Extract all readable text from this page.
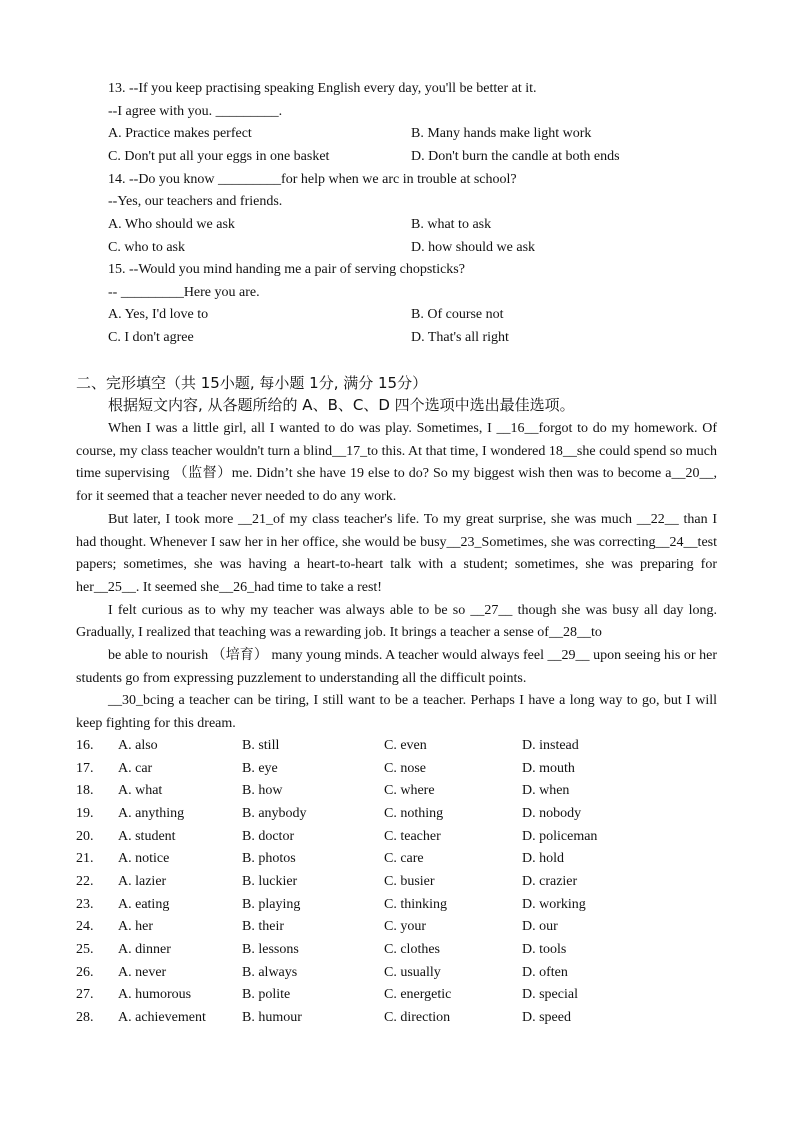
13. --If you keep practising speaking English every day, you'll be better at it.
--I agree with you. _________.
A. Practice makes perfect	B. Many hands make light work
C. Don't put all your eggs in one basket	D. Don't burn the candle at both ends
14. --Do you know _________for help when we arc in trouble at school?
--Yes, our teachers and friends.
A. Who should we ask	B. what to ask
C. who to ask	D. how should we ask
15. --Would you mind handing me a pair of serving chopsticks?
-- _________Here you are.
A. Yes, I'd love to	B. Of course not
C. I don't agree	D. That's all right
二、完形填空（共 15小题, 每小题 1分, 满分 15分）
根据短文内容, 从各题所给的 A、B、C、D 四个选项中选出最佳选项。

When I was a little girl, all I wanted to do was play. Sometimes, I __16__forgot to do my homework. Of course, my class teacher wouldn't turn a blind__17_to this. At that time, I wondered 18__she could spend so much time supervising （监督）me. Didn’t she have 19 else to do? So my biggest wish then was to become a__20__, for it seemed that a teacher never needed to do any work.

But later, I took more __21_of my class teacher's life. To my great surprise, she was much __22__ than I had thought. Whenever I saw her in her office, she would be busy__23_Sometimes, she was correcting__24__test papers; sometimes, she was having a heart-to-heart talk with a student; sometimes, she was preparing for her__25__. It seemed she__26_had time to take a rest!

I felt curious as to why my teacher was always able to be so __27__ though she was busy all day long. Gradually, I realized that teaching was a rewarding job. It brings a teacher a sense of__28__to

be able to nourish （培育） many young minds. A teacher would always feel __29__ upon seeing his or her students go from expressing puzzlement to understanding all the difficult points.

__30_bcing a teacher can be tiring, I still want to be a teacher. Perhaps I have a long way to go, but I will keep fighting for this dream.

16. A. also	B. still	C. even	D. instead
17. A. car	B. eye	C. nose	D. mouth
18. A. what	B. how	C. where	D. when
19. A. anything	B. anybody	C. nothing	D. nobody
20. A. student	B. doctor	C. teacher	D. policeman
21. A. notice	B. photos	C. care	D. hold
22. A. lazier	B. luckier	C. busier	D. crazier
23. A. eating	B. playing	C. thinking	D. working
24. A. her	B. their	C. your	D. our
25. A. dinner	B. lessons	C. clothes	D. tools
26. A. never	B. always	C. usually	D. often
27. A. humorous	B. polite	C. energetic	D. special
28. A. achievement	B. humour	C. direction	D. speed
